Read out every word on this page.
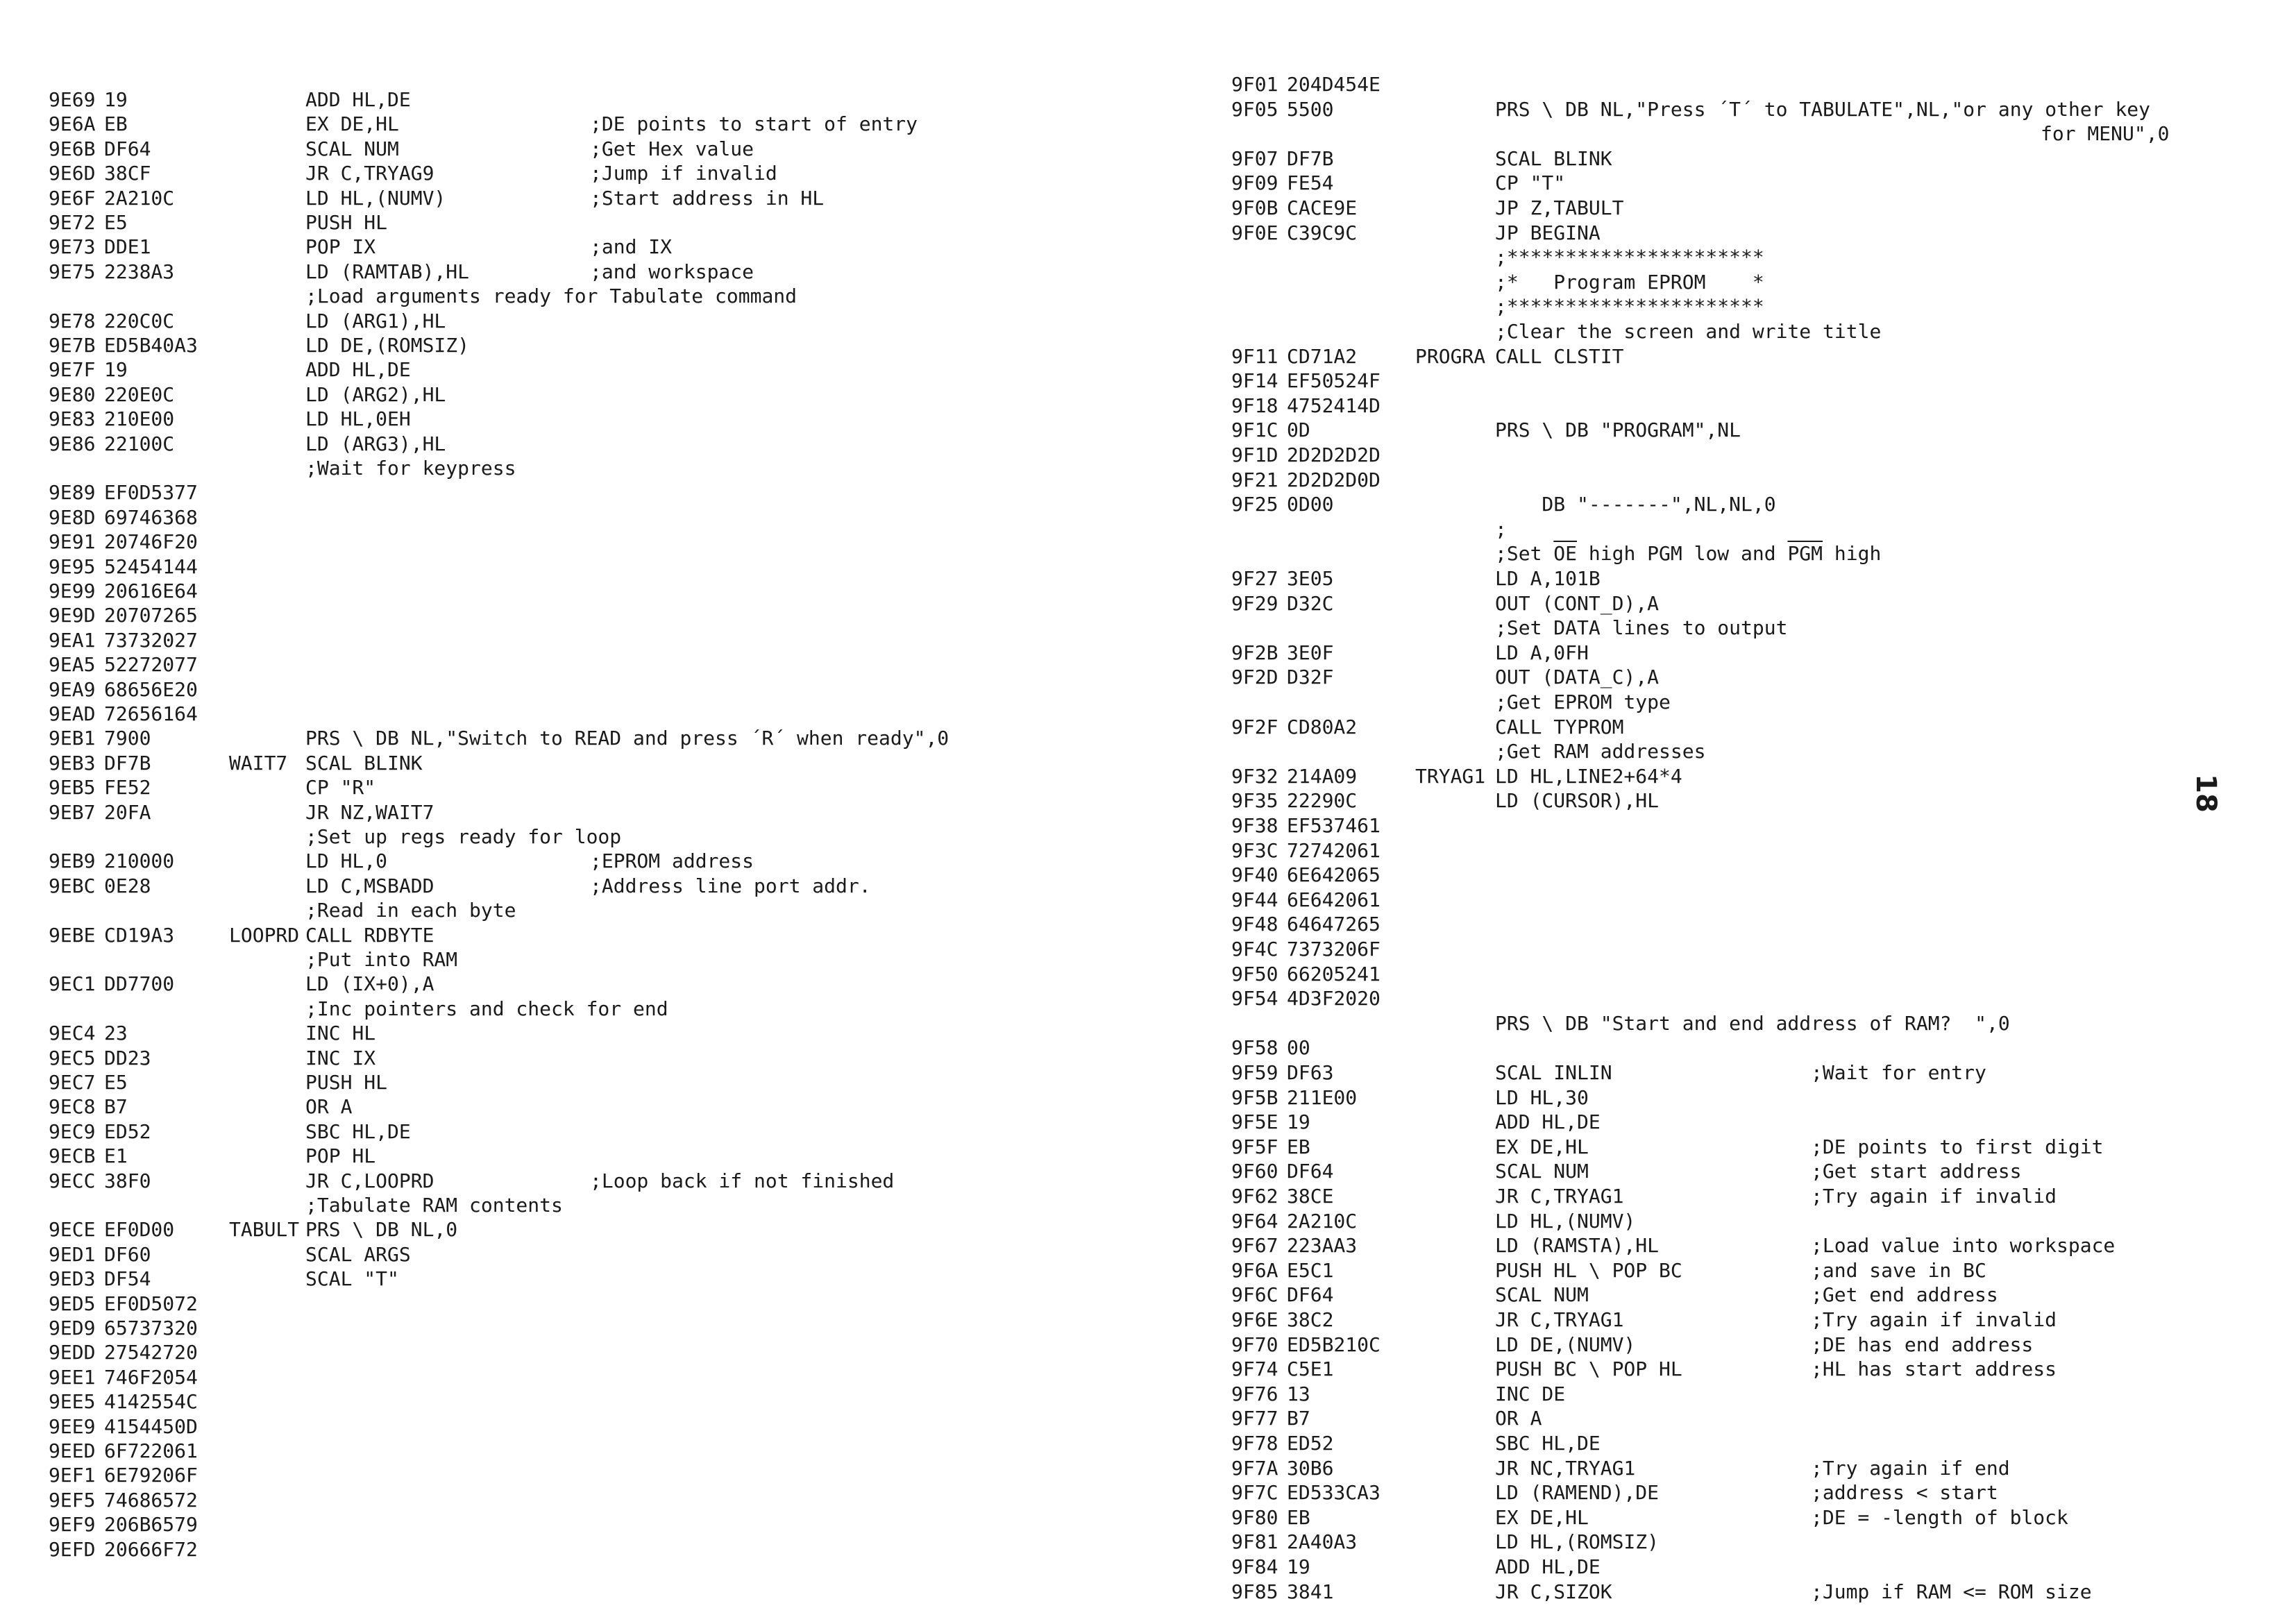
9E69 19	ADD HL,DE
9E6A EB	EX DE,HL	;DE points to start of entry
9E6B DF64	SCAL NUM	;Get Hex value
9E6D 38CF	JR C,TRYAG9	;Jump if invalid
9E6F 2A210C	LD HL,(NUMV)	;Start address in HL
9E72 E5	PUSH HL
9E73 DDE1	POP IX	;and IX
9E75 2238A3	LD (RAMTAB),HL	;and workspace
;Load arguments ready for Tabulate command
9E78 220C0C	LD (ARG1),HL
9E7B ED5B40A3	LD DE,(ROMSIZ)
9E7F 19	ADD HL,DE
9E80 220E0C	LD (ARG2),HL
9E83 210E00	LD HL,0EH
9E86 22100C	LD (ARG3),HL
;Wait for keypress
9E89 EF0D5377
9E8D 69746368
9E91 20746F20
9E95 52454144
9E99 20616E64
9E9D 20707265
9EA1 73732027
9EA5 52272077
9EA9 68656E20
9EAD 72656164
9EB1 7900	PRS \ DB NL,"Switch to READ and press ´R´ when ready",0
9EB3 DF7B	WAIT7 SCAL BLINK
9EB5 FE52	CP "R"
9EB7 20FA	JR NZ,WAIT7
;Set up regs ready for loop
9EB9 210000	LD HL,0	;EPROM address
9EBC 0E28	LD C,MSBADD	;Address line port addr.
;Read in each byte
9EBE CD19A3	LOOPRD CALL RDBYTE
;Put into RAM
9EC1 DD7700	LD (IX+0),A
;Inc pointers and check for end
9EC4 23	INC HL
9EC5 DD23	INC IX
9EC7 E5	PUSH HL
9EC8 B7	OR A
9EC9 ED52	SBC HL,DE
9ECB E1	POP HL
9ECC 38F0	JR C,LOOPRD	;Loop back if not finished
;Tabulate RAM contents
9ECE EF0D00	TABULT PRS \ DB NL,0
9ED1 DF60	SCAL ARGS
9ED3 DF54	SCAL "T"
9ED5 EF0D5072
9ED9 65737320
9EDD 27542720
9EE1 746F2054
9EE5 4142554C
9EE9 4154450D
9EED 6F722061
9EF1 6E79206F
9EF5 74686572
9EF9 206B6579
9EFD 20666F72
9F01 204D454E
9F05 5500	PRS \ DB NL,"Press ´T´ to TABULATE",NL,"or any other key
for MENU",0
9F07 DF7B	SCAL BLINK
9F09 FE54	CP "T"
9F0B CACE9E	JP Z,TABULT
9F0E C39C9C	JP BEGINA
;**********************
;*   Program EPROM    *
;**********************
;Clear the screen and write title
9F11 CD71A2	PROGRA CALL CLSTIT
9F14 EF50524F
9F18 4752414D
9F1C 0D	PRS \ DB "PROGRAM",NL
9F1D 2D2D2D2D
9F21 2D2D2D0D
9F25 0D00	DB "-------",NL,NL,0
;
;Set $\overline{OE}$ high PGM low and $\overline{PGM}$ high
9F27 3E05	LD A,101B
9F29 D32C	OUT (CONT_D),A
;Set DATA lines to output
9F2B 3E0F	LD A,0FH
9F2D D32F	OUT (DATA_C),A
;Get EPROM type
9F2F CD80A2	CALL TYPROM
;Get RAM addresses
9F32 214A09	TRYAG1 LD HL,LINE2+64*4
9F35 22290C	LD (CURSOR),HL
9F38 EF537461
9F3C 72742061
9F40 6E642065
9F44 6E642061
9F48 64647265
9F4C 7373206F
9F50 66205241
9F54 4D3F2020
PRS \ DB "Start and end address of RAM?  ",0
9F58 00
9F59 DF63	SCAL INLIN	;Wait for entry
9F5B 211E00	LD HL,30
9F5E 19	ADD HL,DE
9F5F EB	EX DE,HL	;DE points to first digit
9F60 DF64	SCAL NUM	;Get start address
9F62 38CE	JR C,TRYAG1	;Try again if invalid
9F64 2A210C	LD HL,(NUMV)
9F67 223AA3	LD (RAMSTA),HL	;Load value into workspace
9F6A E5C1	PUSH HL \ POP BC	;and save in BC
9F6C DF64	SCAL NUM	;Get end address
9F6E 38C2	JR C,TRYAG1	;Try again if invalid
9F70 ED5B210C	LD DE,(NUMV)	;DE has end address
9F74 C5E1	PUSH BC \ POP HL	;HL has start address
9F76 13	INC DE
9F77 B7	OR A
9F78 ED52	SBC HL,DE
9F7A 30B6	JR NC,TRYAG1	;Try again if end
9F7C ED533CA3	LD (RAMEND),DE	;address < start
9F80 EB	EX DE,HL	;DE = -length of block
9F81 2A40A3	LD HL,(ROMSIZ)
9F84 19	ADD HL,DE
9F85 3841	JR C,SIZOK	;Jump if RAM <= ROM size
18
